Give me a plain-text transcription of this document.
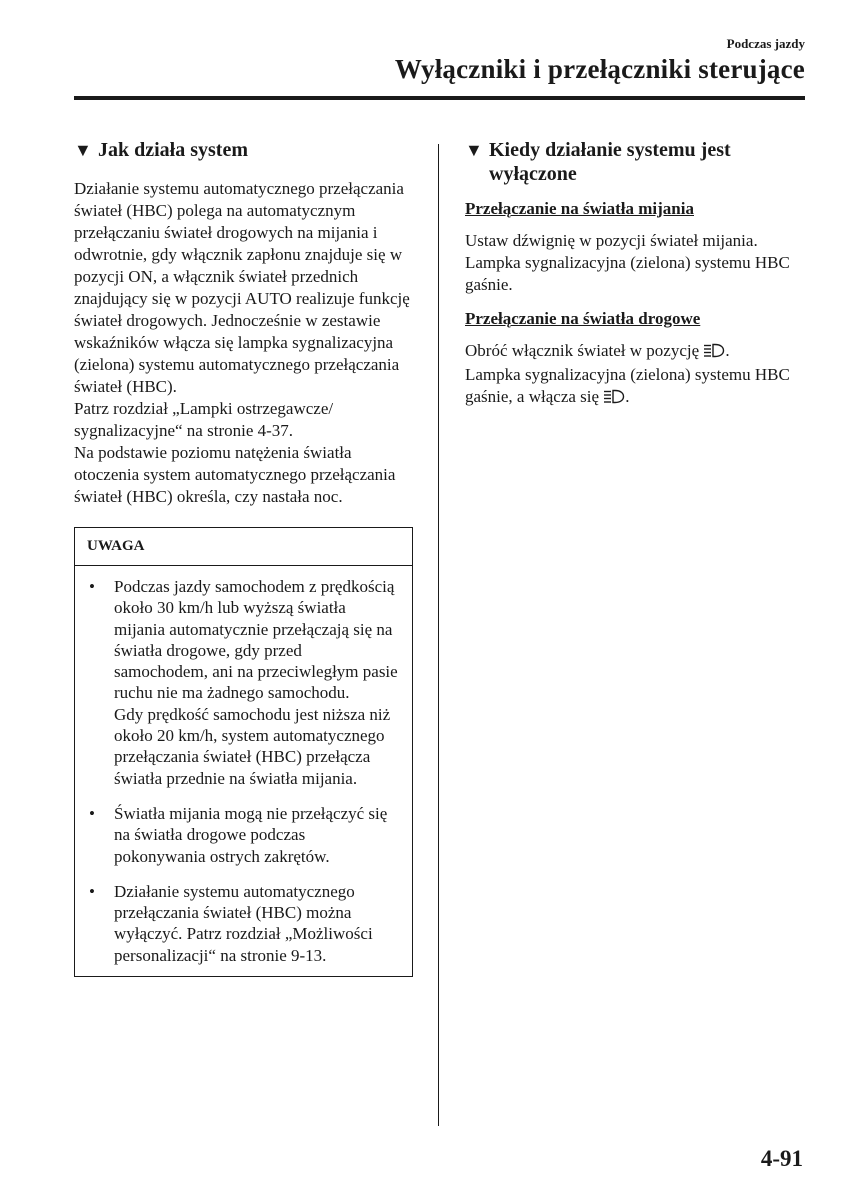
Podczas jazdy
Wyłączniki i przełączniki sterujące
▼ Jak działa system

Działanie systemu automatycznego przełączania świateł (HBC) polega na automatycznym przełączaniu świateł drogowych na mijania i odwrotnie, gdy włącznik zapłonu znajduje się w pozycji ON, a włącznik świateł przednich znajdujący się w pozycji AUTO realizuje funkcję świateł drogowych. Jednocześnie w zestawie wskaźników włącza się lampka sygnalizacyjna (zielona) systemu automatycznego przełączania świateł (HBC).

Patrz rozdział „Lampki ostrzegawcze/ sygnalizacyjne“ na stronie 4-37.

Na podstawie poziomu natężenia światła otoczenia system automatycznego przełączania świateł (HBC) określa, czy nastała noc.

UWAGA
•	Podczas jazdy samochodem z prędkością około 30 km/h lub wyższą światła mijania automatycznie przełączają się na światła drogowe, gdy przed samochodem, ani na przeciwległym pasie ruchu nie ma żadnego samochodu.
Gdy prędkość samochodu jest niższa niż około 20 km/h, system automatycznego przełączania świateł (HBC) przełącza światła przednie na światła mijania.
•	Światła mijania mogą nie przełączyć się na światła drogowe podczas pokonywania ostrych zakrętów.
•	Działanie systemu automatycznego przełączania świateł (HBC) można wyłączyć. Patrz rozdział „Możliwości personalizacji“ na stronie 9-13.
▼ Kiedy działanie systemu jest
wyłączone
Przełączanie na światła mijania

Ustaw dźwignię w pozycji świateł mijania.

Lampka sygnalizacyjna (zielona) systemu HBC gaśnie.

Przełączanie na światła drogowe

Obróć włącznik świateł w pozycję .

Lampka sygnalizacyjna (zielona) systemu HBC gaśnie, a włącza się .

4-91
